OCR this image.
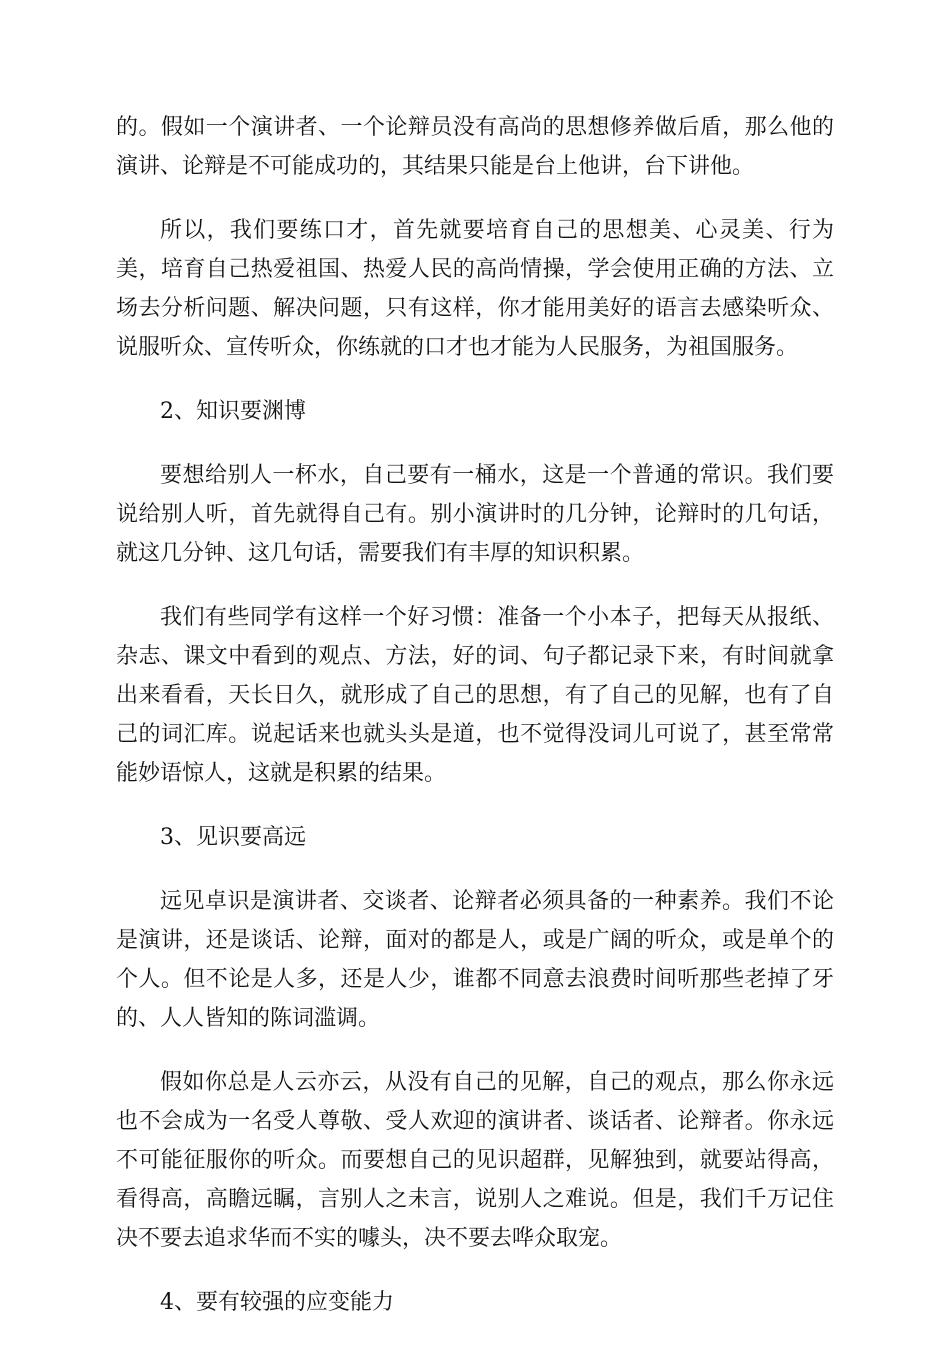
的。假如一个演讲者、一个论辩员没有高尚的思想修养做后盾，那么他的演讲、论辩是不可能成功的，其结果只能是台上他讲，台下讲他。

所以，我们要练口才，首先就要培育自己的思想美、心灵美、行为美，培育自己热爱祖国、热爱人民的高尚情操，学会使用正确的方法、立场去分析问题、解决问题，只有这样，你才能用美好的语言去感染听众、说服听众、宣传听众，你练就的口才也才能为人民服务，为祖国服务。

2、知识要渊博

要想给别人一杯水，自己要有一桶水，这是一个普通的常识。我们要说给别人听，首先就得自己有。别小演讲时的几分钟，论辩时的几句话，就这几分钟、这几句话，需要我们有丰厚的知识积累。

我们有些同学有这样一个好习惯：准备一个小本子，把每天从报纸、杂志、课文中看到的观点、方法，好的词、句子都记录下来，有时间就拿出来看看，天长日久，就形成了自己的思想，有了自己的见解，也有了自己的词汇库。说起话来也就头头是道，也不觉得没词儿可说了，甚至常常能妙语惊人，这就是积累的结果。

3、见识要高远

远见卓识是演讲者、交谈者、论辩者必须具备的一种素养。我们不论是演讲，还是谈话、论辩，面对的都是人，或是广阔的听众，或是单个的个人。但不论是人多，还是人少，谁都不同意去浪费时间听那些老掉了牙的、人人皆知的陈词滥调。

假如你总是人云亦云，从没有自己的见解，自己的观点，那么你永远也不会成为一名受人尊敬、受人欢迎的演讲者、谈话者、论辩者。你永远不可能征服你的听众。而要想自己的见识超群，见解独到，就要站得高，看得高，高瞻远瞩，言别人之未言，说别人之难说。但是，我们千万记住决不要去追求华而不实的噱头，决不要去哗众取宠。

4、要有较强的应变能力
